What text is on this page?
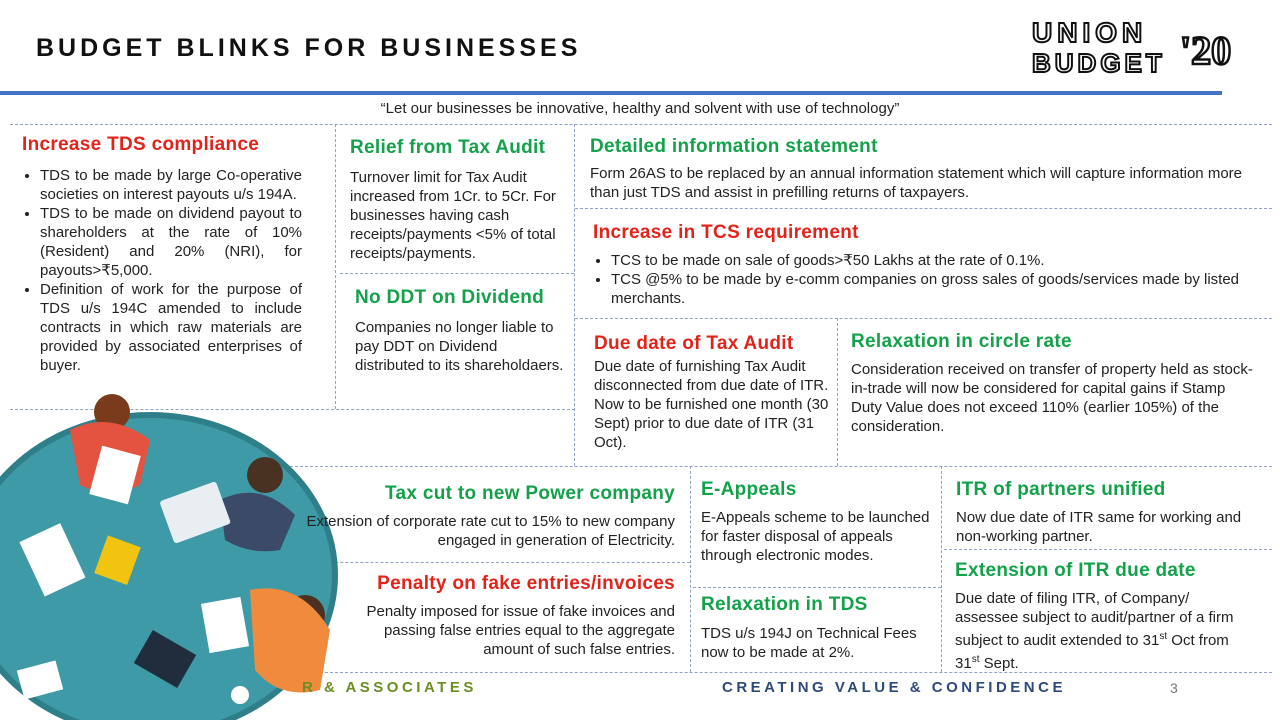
BUDGET BLINKS FOR BUSINESSES	UNION
BUDGET '20
“Let our businesses be innovative, healthy and solvent with use of technology”
Increase TDS compliance
• TDS to be made by large Co-operative societies on interest payouts u/s 194A.
• TDS to be made on dividend payout to shareholders at the rate of 10% (Resident) and 20% (NRI), for payouts>₹5,000.
• Definition of work for the purpose of TDS u/s 194C amended to include contracts in which raw materials are provided by associated enterprises of buyer.
Relief from Tax Audit
Turnover limit for Tax Audit increased from 1Cr. to 5Cr. For businesses having cash receipts/payments <5% of total receipts/payments.
No DDT on Dividend
Companies no longer liable to pay DDT on Dividend distributed to its shareholdaers.
Detailed information statement
Form 26AS to be replaced by an annual information statement which will capture information more than just TDS and assist in prefilling returns of taxpayers.
Increase in TCS requirement
• TCS to be made on sale of goods>₹50 Lakhs at the rate of 0.1%.
• TCS @5% to be made by e-comm companies on gross sales of goods/services made by listed merchants.
Due date of Tax Audit
Due date of furnishing Tax Audit disconnected from due date of ITR. Now to be furnished one month (30 Sept) prior to due date of ITR (31 Oct).
Relaxation in circle rate
Consideration received on transfer of property held as stock-in-trade will now be considered for capital gains if Stamp Duty Value does not exceed 110% (earlier 105%) of the consideration.
Tax cut to new Power company
Extension of corporate rate cut to 15% to new company engaged in generation of Electricity.
Penalty on fake entries/invoices
Penalty imposed for issue of fake invoices and passing false entries equal to the aggregate amount of such false entries.
E-Appeals
E-Appeals scheme to be launched for faster disposal of appeals through electronic modes.
Relaxation in TDS
TDS u/s 194J on Technical Fees now to be made at 2%.
ITR of partners unified
Now due date of ITR same for working and non-working partner.
Extension of ITR due date
Due date of filing ITR, of Company/ assessee subject to audit/partner of a firm subject to audit extended to 31st Oct from 31st Sept.
R & ASSOCIATES	CREATING VALUE & CONFIDENCE	3
